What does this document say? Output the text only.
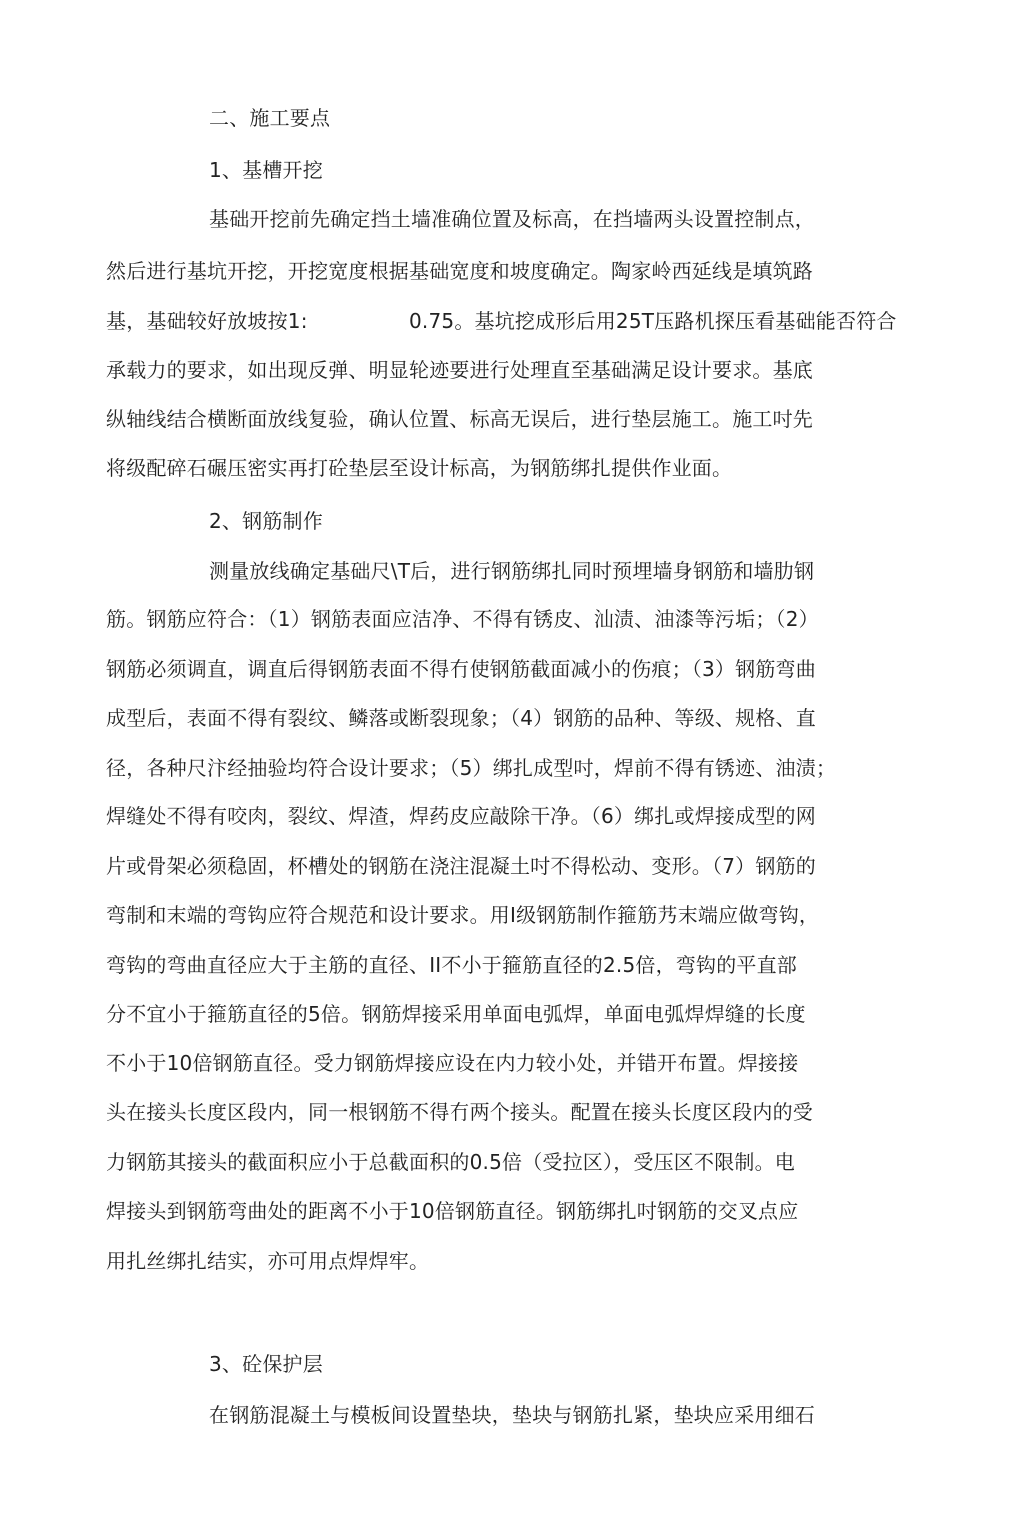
二、施工要点
1、基槽开挖
基础开挖前先确定挡土墙准确位置及标高，在挡墙两头设置控制点，
然后进行基坑开挖，开挖宽度根据基础宽度和坡度确定。陶家岭西延线是填筑路
基，基础较好放坡按1:	0.75。基坑挖成形后用25T压路机探压看基础能否符合
承载力的要求，如出现反弹、明显轮迹要进行处理直至基础满足设计要求。基底
纵轴线结合横断面放线复验，确认位置、标高无误后，进行垫层施工。施工吋先
将级配碎石碾压密实再打砼垫层至设计标高，为钢筋绑扎提供作业面。
2、钢筋制作
测量放线确定基础尺\T后，进行钢筋绑扎同时预埋墙身钢筋和墙肋钢
筋。钢筋应符合：（1）钢筋表面应洁净、不得有锈皮、汕渍、油漆等污垢；（2）
钢筋必须调直，调直后得钢筋表面不得冇使钢筋截面减小的伤痕；（3）钢筋弯曲
成型后，表面不得有裂纹、鳞落或断裂现象；（4）钢筋的品种、等级、规格、直
径，各种尺汴经抽验均符合设计要求；（5）绑扎成型吋，焊前不得有锈迹、油渍；
焊缝处不得有咬肉，裂纹、焊渣，焊药皮应敲除干净。（6）绑扎或焊接成型的网
片或骨架必须稳固，杯槽处的钢筋在浇注混凝土吋不得松动、变形。（7）钢筋的
弯制和末端的弯钩应符合规范和设计要求。用I级钢筋制作箍筋艿末端应做弯钩，
弯钩的弯曲直径应大于主筋的直径、II不小于箍筋直径的2.5倍，弯钩的平直部
分不宜小于箍筋直径的5倍。钢筋焊接采用单面电弧焊，单面电弧焊焊缝的长度
不小于10倍钢筋直径。受力钢筋焊接应设在内力较小处，并错开布置。焊接接
头在接头长度区段内，同一根钢筋不得冇两个接头。配置在接头长度区段内的受
力钢筋其接头的截面积应小于总截面积的0.5倍（受拉区），受压区不限制。电
焊接头到钢筋弯曲处的距离不小于10倍钢筋直径。钢筋绑扎吋钢筋的交叉点应
用扎丝绑扎结实，亦可用点焊焊牢。
3、砼保护层
在钢筋混凝土与模板间设置垫块，垫块与钢筋扎紧，垫块应采用细石
